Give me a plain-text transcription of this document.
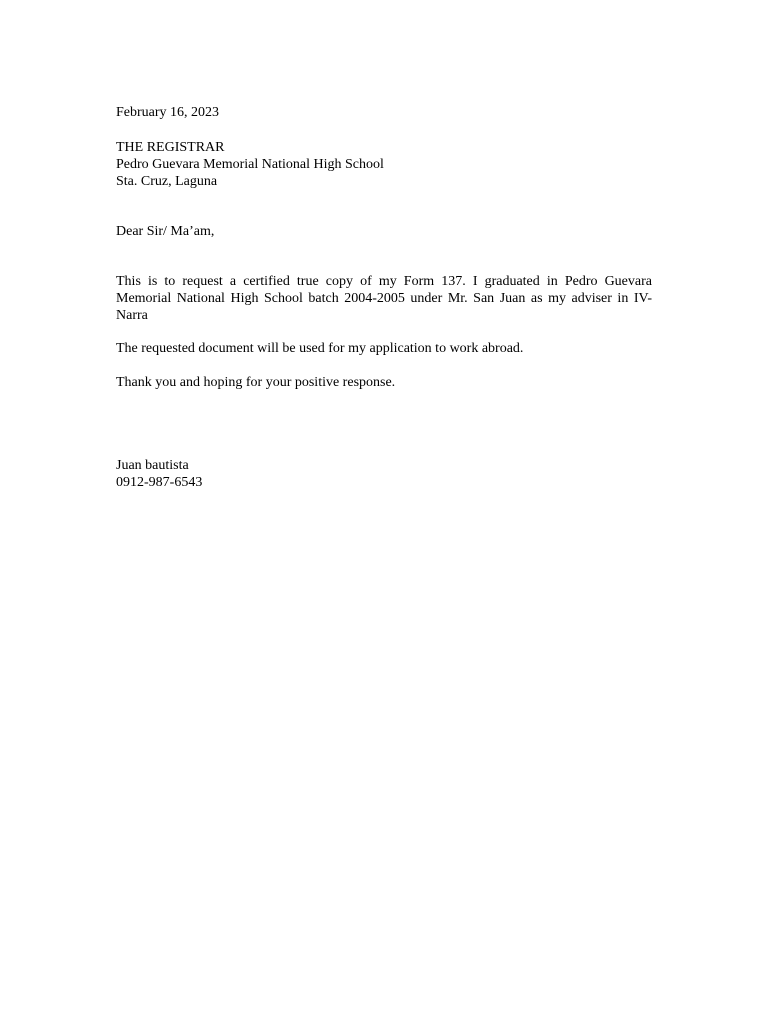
February 16, 2023
THE REGISTRAR
Pedro Guevara Memorial National High School
Sta. Cruz, Laguna
Dear Sir/ Ma’am,
This is to request a certified true copy of my Form 137. I graduated in Pedro Guevara Memorial National High School batch 2004-2005 under Mr. San Juan as my adviser in IV- Narra
The requested document will be used for my application to work abroad.
Thank you and hoping for your positive response.
Juan bautista
0912-987-6543
